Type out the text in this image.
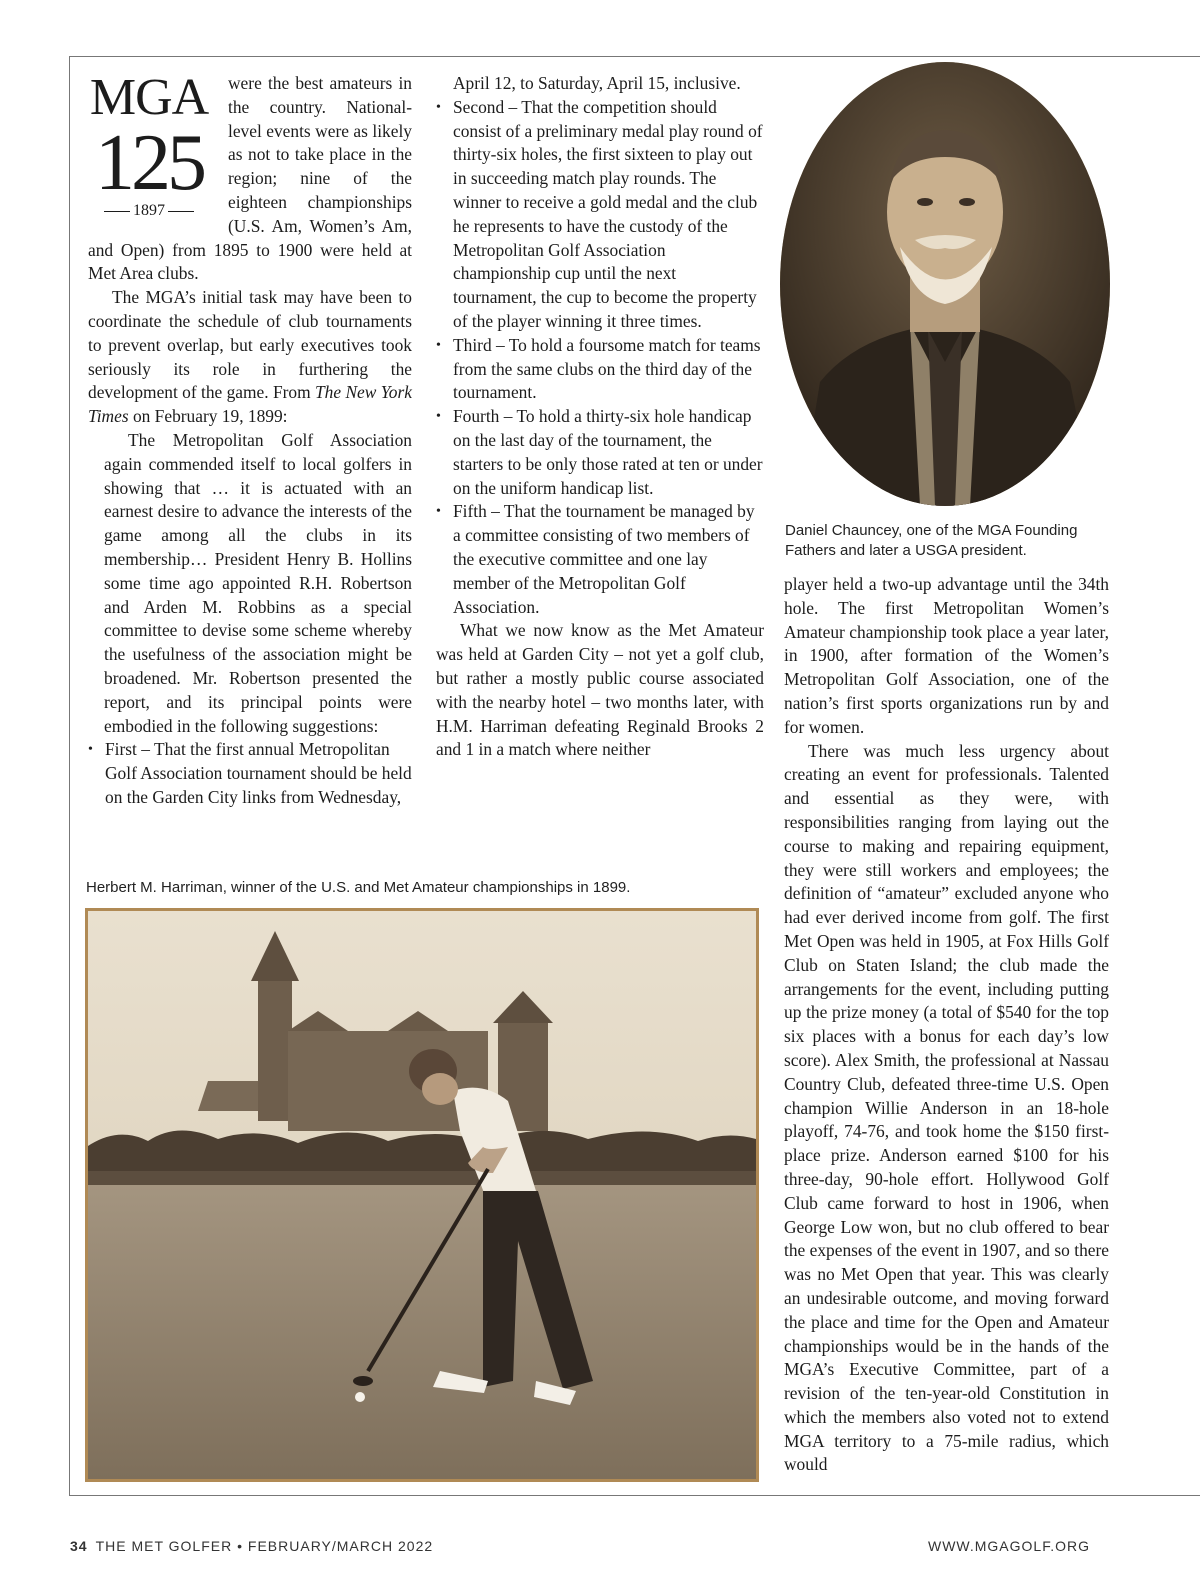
MGA
125
1897

were the best amateurs in the country. National-level events were as likely as not to take place in the region; nine of the eighteen championships (U.S. Am, Women’s Am, and Open) from 1895 to 1900 were held at Met Area clubs.

The MGA’s initial task may have been to coordinate the schedule of club tournaments to prevent overlap, but early executives took seriously its role in furthering the development of the game. From The New York Times on February 19, 1899:

The Metropolitan Golf Association again commended itself to local golfers in showing that … it is actuated with an earnest desire to advance the interests of the game among all the clubs in its membership… President Henry B. Hollins some time ago appointed R.H. Robertson and Arden M. Robbins as a special committee to devise some scheme whereby the usefulness of the association might be broadened. Mr. Robertson presented the report, and its principal points were embodied in the following suggestions:

• First – That the first annual Metropolitan Golf Association tournament should be held on the Garden City links from Wednesday,
April 12, to Saturday, April 15, inclusive.
• Second – That the competition should consist of a preliminary medal play round of thirty-six holes, the first sixteen to play out in succeeding match play rounds. The winner to receive a gold medal and the club he represents to have the custody of the Metropolitan Golf Association championship cup until the next tournament, the cup to become the property of the player winning it three times.
• Third – To hold a foursome match for teams from the same clubs on the third day of the tournament.
• Fourth – To hold a thirty-six hole handicap on the last day of the tournament, the starters to be only those rated at ten or under on the uniform handicap list.
• Fifth – That the tournament be managed by a committee consisting of two members of the executive committee and one lay member of the Metropolitan Golf Association.

What we now know as the Met Amateur was held at Garden City – not yet a golf club, but rather a mostly public course associated with the nearby hotel – two months later, with H.M. Harriman defeating Reginald Brooks 2 and 1 in a match where neither

Daniel Chauncey, one of the MGA Founding Fathers and later a USGA president.

player held a two-up advantage until the 34th hole. The first Metropolitan Women’s Amateur championship took place a year later, in 1900, after formation of the Women’s Metropolitan Golf Association, one of the nation’s first sports organizations run by and for women.

There was much less urgency about creating an event for professionals. Talented and essential as they were, with responsibilities ranging from laying out the course to making and repairing equipment, they were still workers and employees; the definition of “amateur” excluded anyone who had ever derived income from golf. The first Met Open was held in 1905, at Fox Hills Golf Club on Staten Island; the club made the arrangements for the event, including putting up the prize money (a total of $540 for the top six places with a bonus for each day’s low score). Alex Smith, the professional at Nassau Country Club, defeated three-time U.S. Open champion Willie Anderson in an 18-hole playoff, 74-76, and took home the $150 first-place prize. Anderson earned $100 for his three-day, 90-hole effort. Hollywood Golf Club came forward to host in 1906, when George Low won, but no club offered to bear the expenses of the event in 1907, and so there was no Met Open that year. This was clearly an undesirable outcome, and moving forward the place and time for the Open and Amateur championships would be in the hands of the MGA’s Executive Committee, part of a revision of the ten-year-old Constitution in which the members also voted not to extend MGA territory to a 75-mile radius, which would

Herbert M. Harriman, winner of the U.S. and Met Amateur championships in 1899.
34 THE MET GOLFER • FEBRUARY/MARCH 2022	WWW.MGAGOLF.ORG
